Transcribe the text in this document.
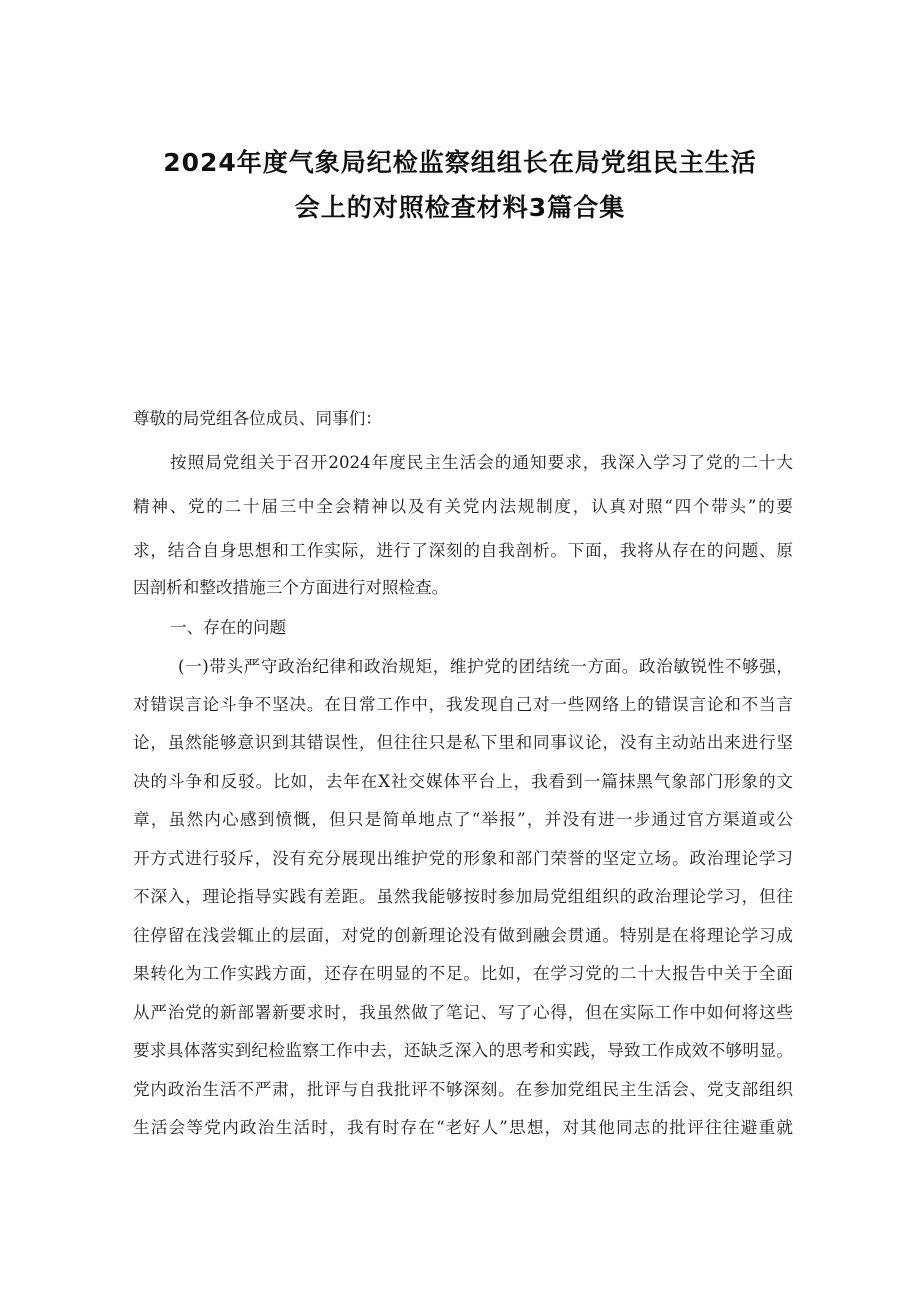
2024年度气象局纪检监察组组长在局党组民主生活
会上的对照检查材料3篇合集
尊敬的局党组各位成员、同事们：
按照局党组关于召开2024年度民主生活会的通知要求，我深入学习了党的二十大
精神、党的二十届三中全会精神以及有关党内法规制度，认真对照“四个带头”的要
求，结合自身思想和工作实际，进行了深刻的自我剖析。下面，我将从存在的问题、原
因剖析和整改措施三个方面进行对照检查。
一、存在的问题
(一)带头严守政治纪律和政治规矩，维护党的团结统一方面。政治敏锐性不够强，
对错误言论斗争不坚决。在日常工作中，我发现自己对一些网络上的错误言论和不当言
论，虽然能够意识到其错误性，但往往只是私下里和同事议论，没有主动站出来进行坚
决的斗争和反驳。比如，去年在X社交媒体平台上，我看到一篇抹黑气象部门形象的文
章，虽然内心感到愤慨，但只是简单地点了“举报”，并没有进一步通过官方渠道或公
开方式进行驳斥，没有充分展现出维护党的形象和部门荣誉的坚定立场。政治理论学习
不深入，理论指导实践有差距。虽然我能够按时参加局党组组织的政治理论学习，但往
往停留在浅尝辄止的层面，对党的创新理论没有做到融会贯通。特别是在将理论学习成
果转化为工作实践方面，还存在明显的不足。比如，在学习党的二十大报告中关于全面
从严治党的新部署新要求时，我虽然做了笔记、写了心得，但在实际工作中如何将这些
要求具体落实到纪检监察工作中去，还缺乏深入的思考和实践，导致工作成效不够明显。
党内政治生活不严肃，批评与自我批评不够深刻。在参加党组民主生活会、党支部组织
生活会等党内政治生活时，我有时存在“老好人”思想，对其他同志的批评往往避重就
